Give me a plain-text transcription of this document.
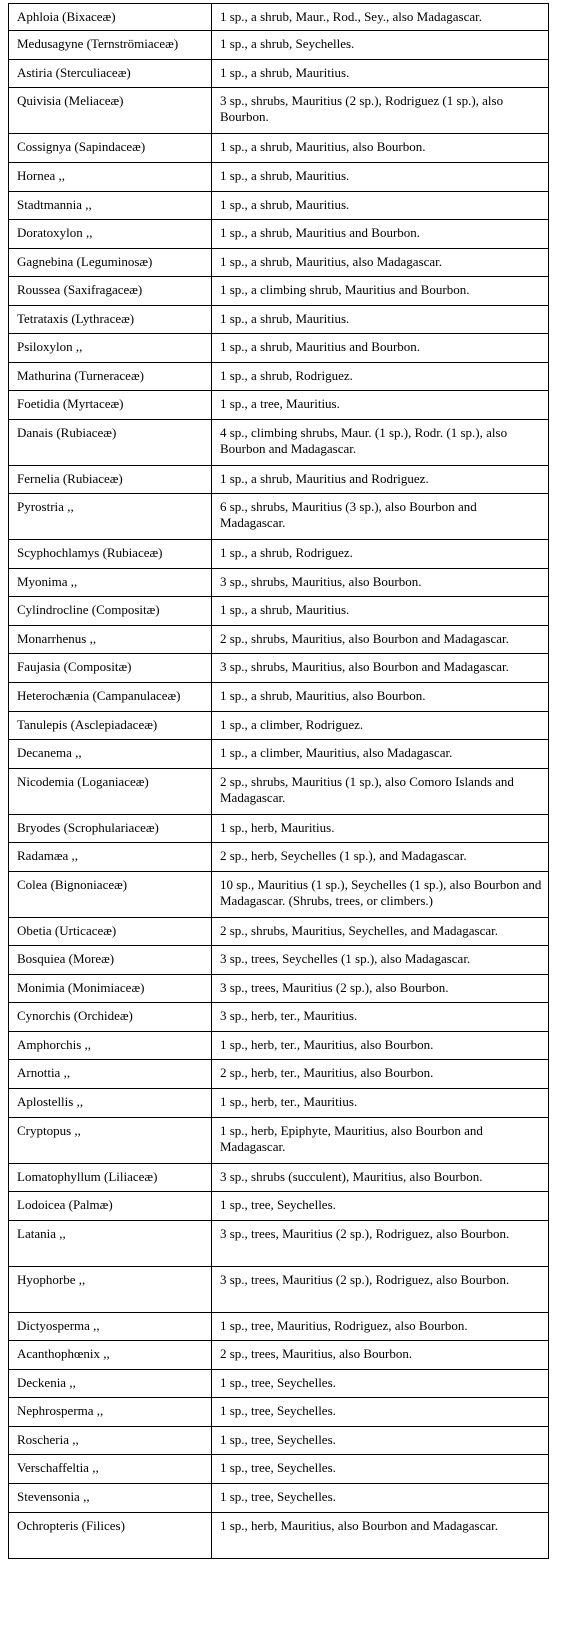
Aphloia (Bixaceæ)	1 sp., a shrub, Maur., Rod., Sey., also Madagascar.
Medusagyne (Ternströmiaceæ)	1 sp., a shrub, Seychelles.
Astiria (Sterculiaceæ)	1 sp., a shrub, Mauritius.
Quivisia (Meliaceæ)	3 sp., shrubs, Mauritius (2 sp.), Rodriguez (1 sp.), also Bourbon.
Cossignya (Sapindaceæ)	1 sp., a shrub, Mauritius, also Bourbon.
Hornea ,,	1 sp., a shrub, Mauritius.
Stadtmannia ,,	1 sp., a shrub, Mauritius.
Doratoxylon ,,	1 sp., a shrub, Mauritius and Bourbon.
Gagnebina (Leguminosæ)	1 sp., a shrub, Mauritius, also Madagascar.
Roussea (Saxifragaceæ)	1 sp., a climbing shrub, Mauritius and Bourbon.
Tetrataxis (Lythraceæ)	1 sp., a shrub, Mauritius.
Psiloxylon ,,	1 sp., a shrub, Mauritius and Bourbon.
Mathurina (Turneraceæ)	1 sp., a shrub, Rodriguez.
Foetidia (Myrtaceæ)	1 sp., a tree, Mauritius.
Danais (Rubiaceæ)	4 sp., climbing shrubs, Maur. (1 sp.), Rodr. (1 sp.), also Bourbon and Madagascar.
Fernelia (Rubiaceæ)	1 sp., a shrub, Mauritius and Rodriguez.
Pyrostria ,,	6 sp., shrubs, Mauritius (3 sp.), also Bourbon and Madagascar.
Scyphochlamys (Rubiaceæ)	1 sp., a shrub, Rodriguez.
Myonima ,,	3 sp., shrubs, Mauritius, also Bourbon.
Cylindrocline (Compositæ)	1 sp., a shrub, Mauritius.
Monarrhenus ,,	2 sp., shrubs, Mauritius, also Bourbon and Madagascar.
Faujasia (Compositæ)	3 sp., shrubs, Mauritius, also Bourbon and Madagascar.
Heterochænia (Campanulaceæ)	1 sp., a shrub, Mauritius, also Bourbon.
Tanulepis (Asclepiadaceæ)	1 sp., a climber, Rodriguez.
Decanema ,,	1 sp., a climber, Mauritius, also Madagascar.
Nicodemia (Loganiaceæ)	2 sp., shrubs, Mauritius (1 sp.), also Comoro Islands and Madagascar.
Bryodes (Scrophulariaceæ)	1 sp., herb, Mauritius.
Radamæa ,,	2 sp., herb, Seychelles (1 sp.), and Madagascar.
Colea (Bignoniaceæ)	10 sp., Mauritius (1 sp.), Seychelles (1 sp.), also Bourbon and Madagascar. (Shrubs, trees, or climbers.)
Obetia (Urticaceæ)	2 sp., shrubs, Mauritius, Seychelles, and Madagascar.
Bosquiea (Moreæ)	3 sp., trees, Seychelles (1 sp.), also Madagascar.
Monimia (Monimiaceæ)	3 sp., trees, Mauritius (2 sp.), also Bourbon.
Cynorchis (Orchideæ)	3 sp., herb, ter., Mauritius.
Amphorchis ,,	1 sp., herb, ter., Mauritius, also Bourbon.
Arnottia ,,	2 sp., herb, ter., Mauritius, also Bourbon.
Aplostellis ,,	1 sp., herb, ter., Mauritius.
Cryptopus ,,	1 sp., herb, Epiphyte, Mauritius, also Bourbon and Madagascar.
Lomatophyllum (Liliaceæ)	3 sp., shrubs (succulent), Mauritius, also Bourbon.
Lodoicea (Palmæ)	1 sp., tree, Seychelles.
Latania ,,	3 sp., trees, Mauritius (2 sp.), Rodriguez, also Bourbon.
Hyophorbe ,,	3 sp., trees, Mauritius (2 sp.), Rodriguez, also Bourbon.
Dictyosperma ,,	1 sp., tree, Mauritius, Rodriguez, also Bourbon.
Acanthophœnix ,,	2 sp., trees, Mauritius, also Bourbon.
Deckenia ,,	1 sp., tree, Seychelles.
Nephrosperma ,,	1 sp., tree, Seychelles.
Roscheria ,,	1 sp., tree, Seychelles.
Verschaffeltia ,,	1 sp., tree, Seychelles.
Stevensonia ,,	1 sp., tree, Seychelles.
Ochropteris (Filices)	1 sp., herb, Mauritius, also Bourbon and Madagascar.
